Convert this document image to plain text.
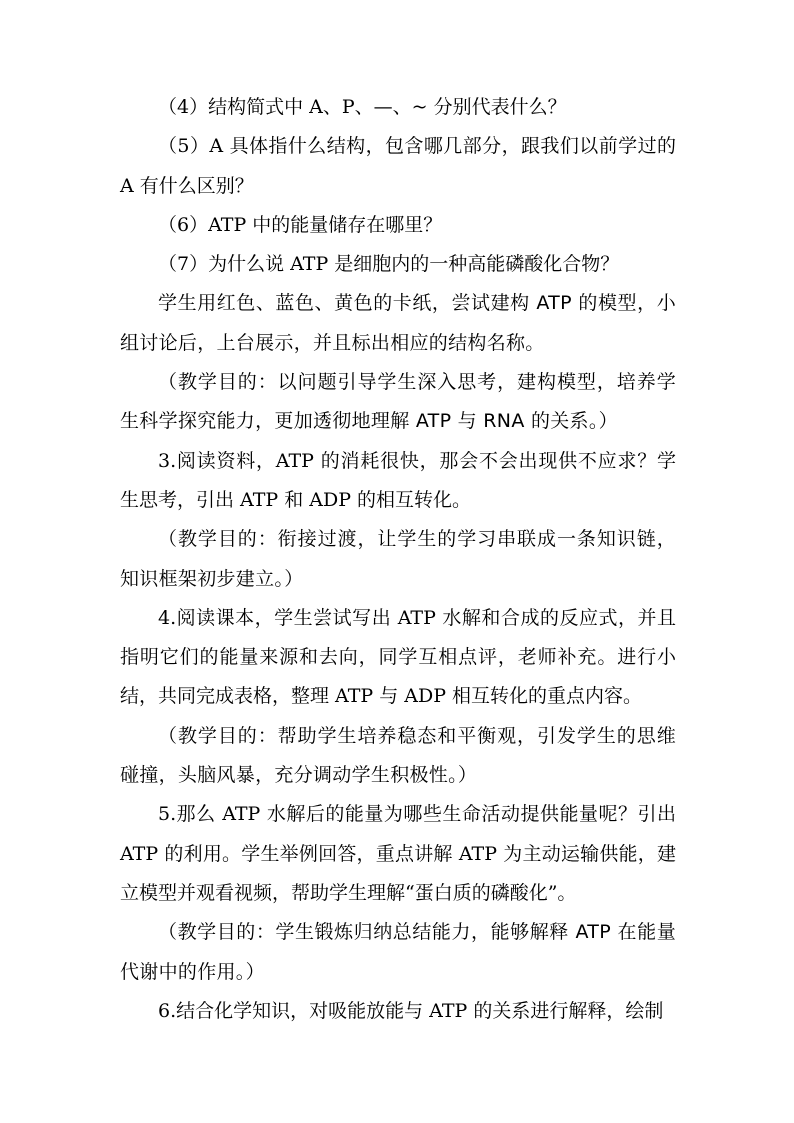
（4）结构简式中 A、P、—、~ 分别代表什么？

（5）A 具体指什么结构，包含哪几部分，跟我们以前学过的 A 有什么区别？

（6）ATP 中的能量储存在哪里？

（7）为什么说 ATP 是细胞内的一种高能磷酸化合物？

学生用红色、蓝色、黄色的卡纸，尝试建构 ATP 的模型，小组讨论后，上台展示，并且标出相应的结构名称。

（教学目的：以问题引导学生深入思考，建构模型，培养学生科学探究能力，更加透彻地理解 ATP 与 RNA 的关系。）

3.阅读资料，ATP 的消耗很快，那会不会出现供不应求？学生思考，引出 ATP 和 ADP 的相互转化。

（教学目的：衔接过渡，让学生的学习串联成一条知识链，知识框架初步建立。）

4.阅读课本，学生尝试写出 ATP 水解和合成的反应式，并且指明它们的能量来源和去向，同学互相点评，老师补充。进行小结，共同完成表格，整理 ATP 与 ADP 相互转化的重点内容。

（教学目的：帮助学生培养稳态和平衡观，引发学生的思维碰撞，头脑风暴，充分调动学生积极性。）

5.那么 ATP 水解后的能量为哪些生命活动提供能量呢？引出 ATP 的利用。学生举例回答，重点讲解 ATP 为主动运输供能，建立模型并观看视频，帮助学生理解“蛋白质的磷酸化”。

（教学目的：学生锻炼归纳总结能力，能够解释 ATP 在能量代谢中的作用。）

6.结合化学知识，对吸能放能与 ATP 的关系进行解释，绘制
